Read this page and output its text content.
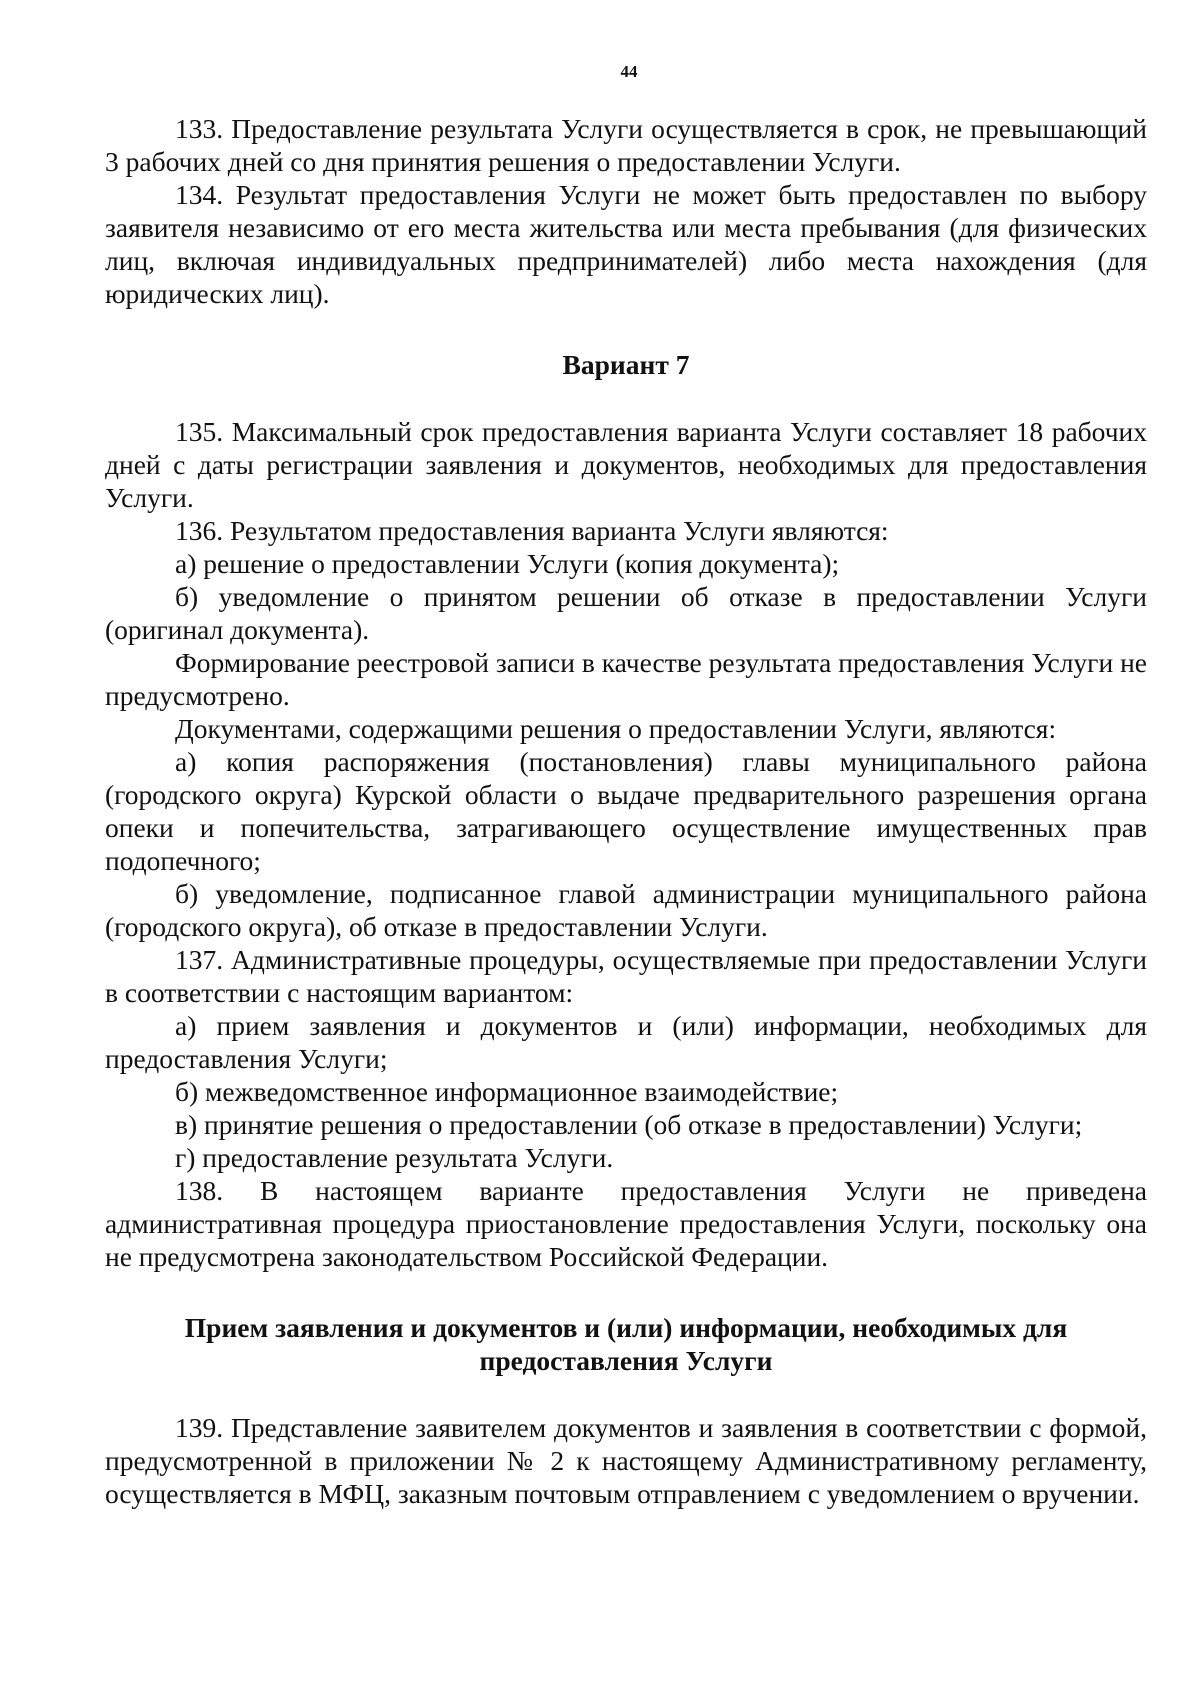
44

133. Предоставление результата Услуги осуществляется в срок, не превышающий 3 рабочих дней со дня принятия решения о предоставлении Услуги.

134. Результат предоставления Услуги не может быть предоставлен по выбору заявителя независимо от его места жительства или места пребывания (для физических лиц, включая индивидуальных предпринимателей) либо места нахождения (для юридических лиц).

Вариант 7

135. Максимальный срок предоставления варианта Услуги составляет 18 рабочих дней с даты регистрации заявления и документов, необходимых для предоставления Услуги.

136. Результатом предоставления варианта Услуги являются:

а) решение о предоставлении Услуги (копия документа);

б) уведомление о принятом решении об отказе в предоставлении Услуги (оригинал документа).

Формирование реестровой записи в качестве результата предоставления Услуги не предусмотрено.

Документами, содержащими решения о предоставлении Услуги, являются:

а) копия распоряжения (постановления) главы муниципального района (городского округа) Курской области о выдаче предварительного разрешения органа опеки и попечительства, затрагивающего осуществление имущественных прав подопечного;

б) уведомление, подписанное главой администрации муниципального района (городского округа), об отказе в предоставлении Услуги.

137. Административные процедуры, осуществляемые при предоставлении Услуги в соответствии с настоящим вариантом:

а) прием заявления и документов и (или) информации, необходимых для предоставления Услуги;

б) межведомственное информационное взаимодействие;

в) принятие решения о предоставлении (об отказе в предоставлении) Услуги;

г) предоставление результата Услуги.

138. В настоящем варианте предоставления Услуги не приведена административная процедура приостановление предоставления Услуги, поскольку она не предусмотрена законодательством Российской Федерации.

Прием заявления и документов и (или) информации, необходимых для предоставления Услуги

139. Представление заявителем документов и заявления в соответствии с формой, предусмотренной в приложении № 2 к настоящему Административному регламенту, осуществляется в МФЦ, заказным почтовым отправлением с уведомлением о вручении.
